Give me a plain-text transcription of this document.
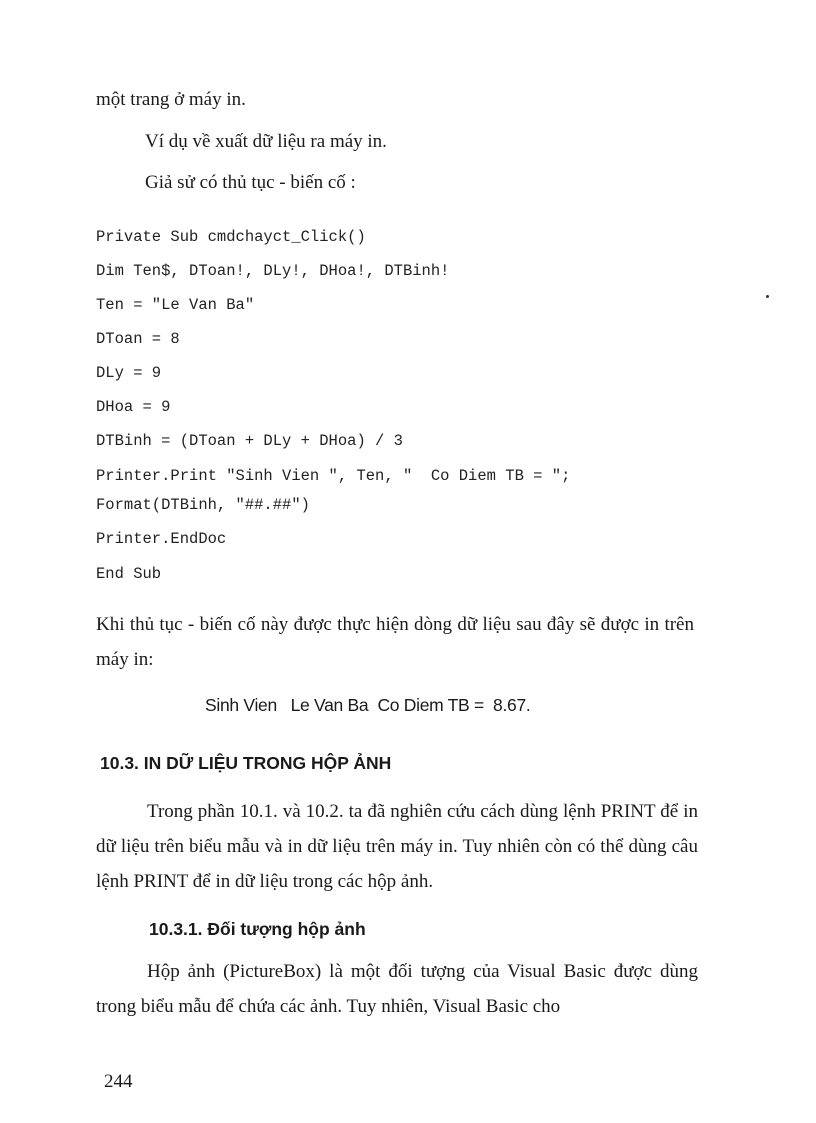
một trang ở máy in.
Ví dụ về xuất dữ liệu ra máy in.
Giả sử có thủ tục - biến cố :
Private Sub cmdchayct_Click()
Dim Ten$, DToan!, DLy!, DHoa!, DTBinh!
Ten = "Le Van Ba"
DToan = 8
DLy = 9
DHoa = 9
DTBinh = (DToan + DLy + DHoa) / 3
Printer.Print "Sinh Vien ", Ten, "  Co Diem TB = ";
Format(DTBinh, "##.##")
Printer.EndDoc
End Sub
Khi thủ tục - biến cố này được thực hiện dòng dữ liệu sau đây sẽ được in trên máy in:
Sinh Vien   Le Van Ba  Co Diem TB =  8.67.
10.3. IN DỮ LIỆU TRONG HỘP ẢNH
Trong phần 10.1. và 10.2. ta đã nghiên cứu cách dùng lệnh PRINT để in dữ liệu trên biểu mẫu và in dữ liệu trên máy in. Tuy nhiên còn có thể dùng câu lệnh PRINT để in dữ liệu trong các hộp ảnh.
10.3.1. Đối tượng hộp ảnh
Hộp ảnh (PictureBox) là một đối tượng của Visual Basic được dùng trong biểu mẫu để chứa các ảnh. Tuy nhiên, Visual Basic cho
244
